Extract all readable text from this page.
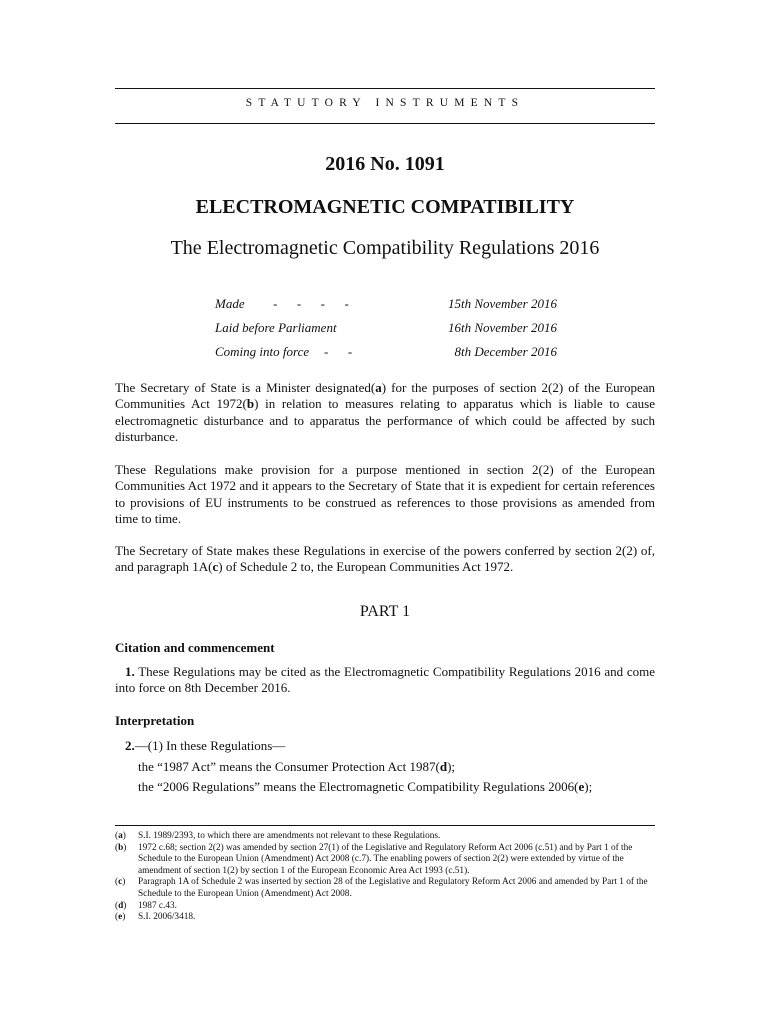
STATUTORY INSTRUMENTS
2016 No. 1091
ELECTROMAGNETIC COMPATIBILITY
The Electromagnetic Compatibility Regulations 2016
Made -      -      -      -	15th November 2016
Laid before Parliament	16th November 2016
Coming into force -      -	8th December 2016

The Secretary of State is a Minister designated(a) for the purposes of section 2(2) of the European Communities Act 1972(b) in relation to measures relating to apparatus which is liable to cause electromagnetic disturbance and to apparatus the performance of which could be affected by such disturbance.

These Regulations make provision for a purpose mentioned in section 2(2) of the European Communities Act 1972 and it appears to the Secretary of State that it is expedient for certain references to provisions of EU instruments to be construed as references to those provisions as amended from time to time.

The Secretary of State makes these Regulations in exercise of the powers conferred by section 2(2) of, and paragraph 1A(c) of Schedule 2 to, the European Communities Act 1972.

PART 1
Citation and commencement

1. These Regulations may be cited as the Electromagnetic Compatibility Regulations 2016 and come into force on 8th December 2016.

Interpretation

2.—(1) In these Regulations—

the “1987 Act” means the Consumer Protection Act 1987(d);

the “2006 Regulations” means the Electromagnetic Compatibility Regulations 2006(e);

(a) S.I. 1989/2393, to which there are amendments not relevant to these Regulations.

(b) 1972 c.68; section 2(2) was amended by section 27(1) of the Legislative and Regulatory Reform Act 2006 (c.51) and by Part 1 of the Schedule to the European Union (Amendment) Act 2008 (c.7). The enabling powers of section 2(2) were extended by virtue of the amendment of section 1(2) by section 1 of the European Economic Area Act 1993 (c.51).

(c) Paragraph 1A of Schedule 2 was inserted by section 28 of the Legislative and Regulatory Reform Act 2006 and amended by Part 1 of the Schedule to the European Union (Amendment) Act 2008.

(d) 1987 c.43.

(e) S.I. 2006/3418.
